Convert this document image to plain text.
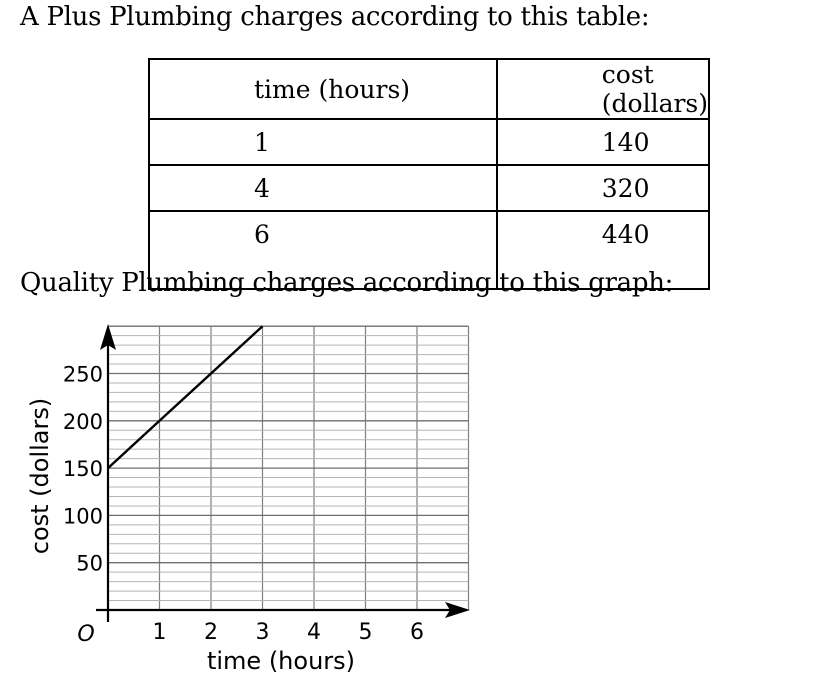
A Plus Plumbing charges according to this table:
time (hours)	cost (dollars)
1	140
4	320
6	440
Quality Plumbing charges according to this graph:
1 2 3 4 5 6
50
100
150
200
250
time (hours)
cost (dollars)
O
